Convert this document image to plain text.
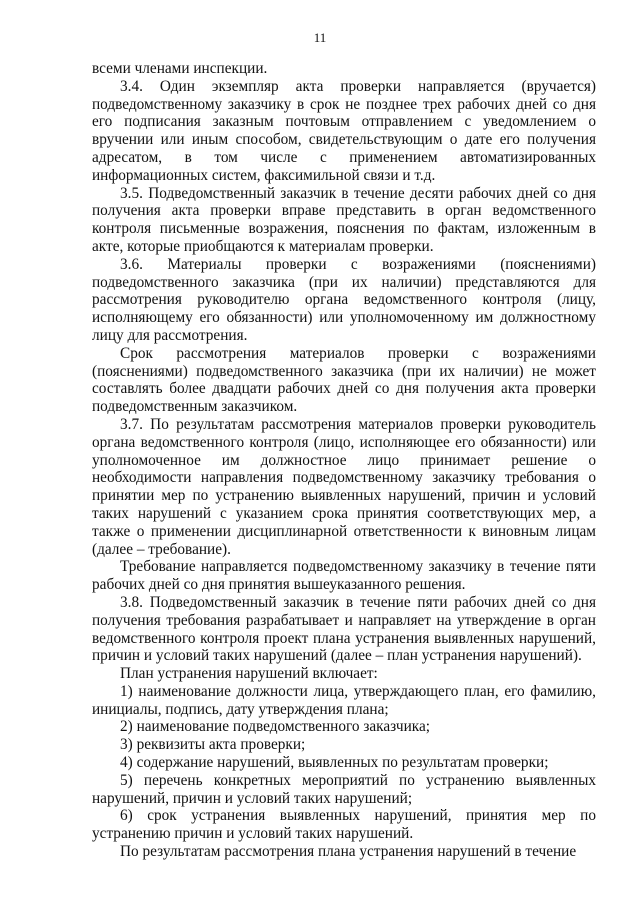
11

всеми членами инспекции.

3.4. Один экземпляр акта проверки направляется (вручается) подведомственному заказчику в срок не позднее трех рабочих дней со дня его подписания заказным почтовым отправлением с уведомлением о вручении или иным способом, свидетельствующим о дате его получения адресатом, в том числе с применением автоматизированных информационных систем, факсимильной связи и т.д.

3.5. Подведомственный заказчик в течение десяти рабочих дней со дня получения акта проверки вправе представить в орган ведомственного контроля письменные возражения, пояснения по фактам, изложенным в акте, которые приобщаются к материалам проверки.

3.6. Материалы проверки с возражениями (пояснениями) подведомственного заказчика (при их наличии) представляются для рассмотрения руководителю органа ведомственного контроля (лицу, исполняющему его обязанности) или уполномоченному им должностному лицу для рассмотрения.

Срок рассмотрения материалов проверки с возражениями (пояснениями) подведомственного заказчика (при их наличии) не может составлять более двадцати рабочих дней со дня получения акта проверки подведомственным заказчиком.

3.7. По результатам рассмотрения материалов проверки руководитель органа ведомственного контроля (лицо, исполняющее его обязанности) или уполномоченное им должностное лицо принимает решение о необходимости направления подведомственному заказчику требования о принятии мер по устранению выявленных нарушений, причин и условий таких нарушений с указанием срока принятия соответствующих мер, а также о применении дисциплинарной ответственности к виновным лицам (далее – требование).

Требование направляется подведомственному заказчику в течение пяти рабочих дней со дня принятия вышеуказанного решения.

3.8. Подведомственный заказчик в течение пяти рабочих дней со дня получения требования разрабатывает и направляет на утверждение в орган ведомственного контроля проект плана устранения выявленных нарушений, причин и условий таких нарушений (далее – план устранения нарушений).

План устранения нарушений включает:

1) наименование должности лица, утверждающего план, его фамилию, инициалы, подпись, дату утверждения плана;

2) наименование подведомственного заказчика;

3) реквизиты акта проверки;

4) содержание нарушений, выявленных по результатам проверки;

5) перечень конкретных мероприятий по устранению выявленных нарушений, причин и условий таких нарушений;

6) срок устранения выявленных нарушений, принятия мер по устранению причин и условий таких нарушений.

По результатам рассмотрения плана устранения нарушений в течение
